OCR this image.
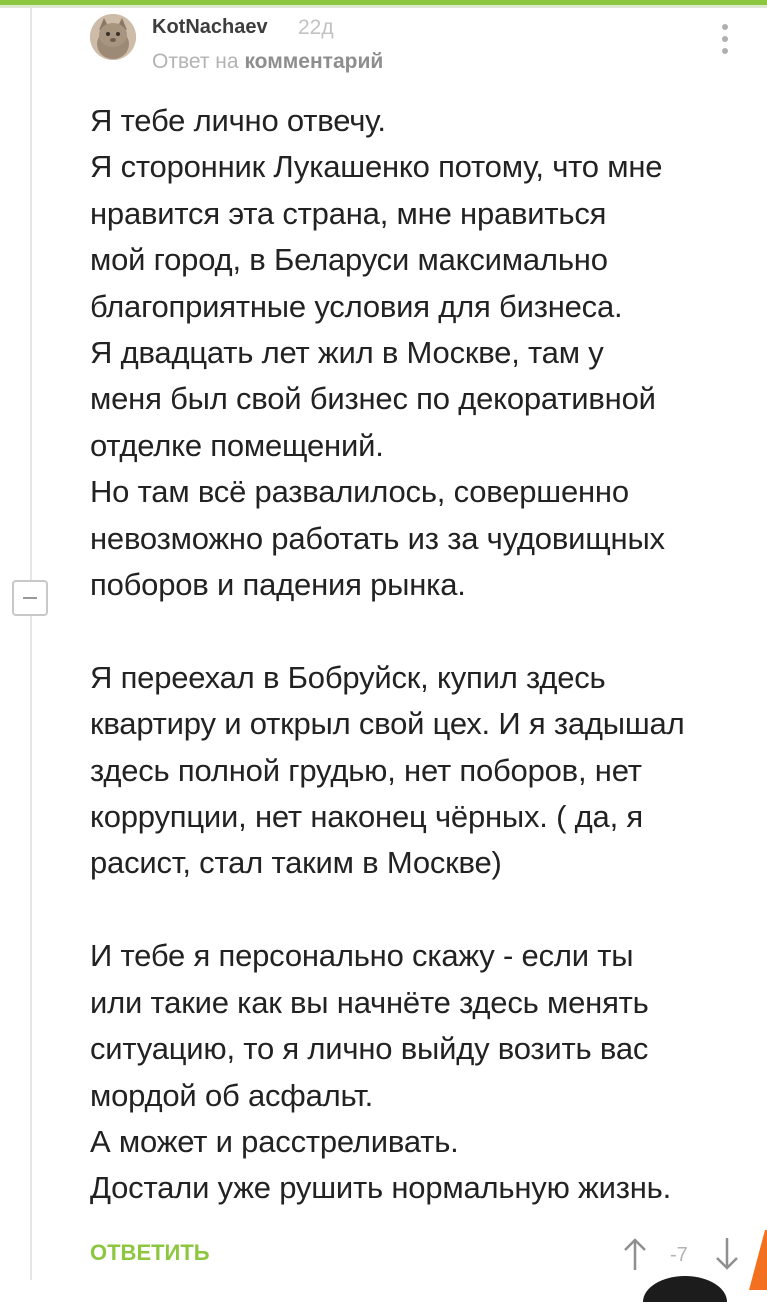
KotNachaev 22д
Ответ на комментарий

Я тебе лично отвечу.

Я сторонник Лукашенко потому, что мне

нравится эта страна, мне нравиться

мой город, в Беларуси максимально

благоприятные условия для бизнеса.

Я двадцать лет жил в Москве, там у

меня был свой бизнес по декоративной

отделке помещений.

Но там всё развалилось, совершенно

невозможно работать из за чудовищных

поборов и падения рынка.

Я переехал в Бобруйск, купил здесь

квартиру и открыл свой цех. И я задышал

здесь полной грудью, нет поборов, нет

коррупции, нет наконец чёрных. ( да, я

расист, стал таким в Москве)

И тебе я персонально скажу - если ты

или такие как вы начнёте здесь менять

ситуацию, то я лично выйду возить вас

мордой об асфальт.

А может и расстреливать.

Достали уже рушить нормальную жизнь.

ОТВЕТИТЬ	-7
